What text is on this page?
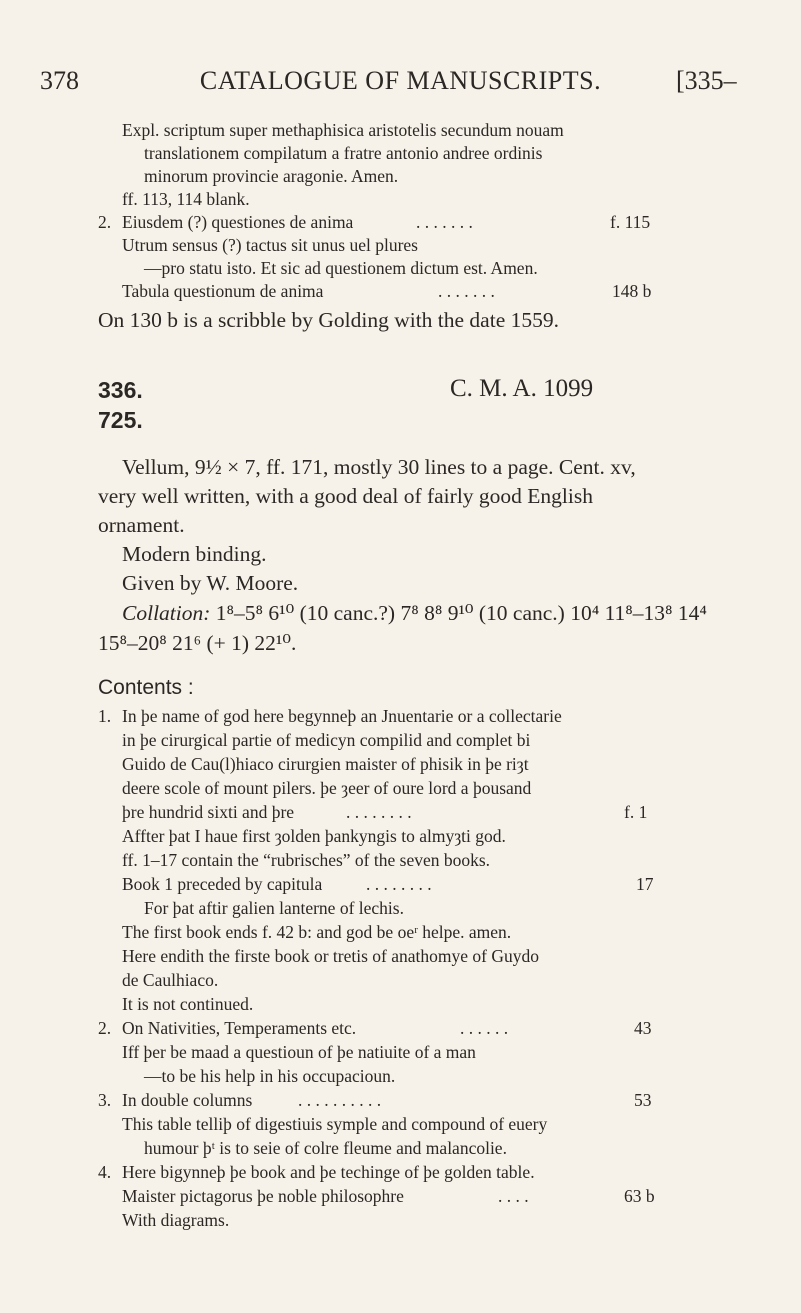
378	CATALOGUE OF MANUSCRIPTS.	[335–
Expl. scriptum super methaphisica aristotelis secundum nouam
translationem compilatum a fratre antonio andree ordinis
minorum provincie aragonie. Amen.
ff. 113, 114 blank.
2. Eiusdem (?) questiones de anima	. . . . . . .	f. 115
Utrum sensus (?) tactus sit unus uel plures
—pro statu isto. Et sic ad questionem dictum est. Amen.
Tabula questionum de anima	. . . . . . .	148 b
On 130 b is a scribble by Golding with the date 1559.
336.	C. M. A. 1099
725.
Vellum, 9½ × 7, ff. 171, mostly 30 lines to a page. Cent. xv,
very well written, with a good deal of fairly good English
ornament.
Modern binding.
Given by W. Moore.
Collation: 1⁸–5⁸ 6¹⁰ (10 canc.?) 7⁸ 8⁸ 9¹⁰ (10 canc.) 10⁴ 11⁸–13⁸ 14⁴
15⁸–20⁸ 21⁶ (+ 1) 22¹⁰.
Contents :
1. In þe name of god here begynneþ an Jnuentarie or a collectarie
in þe cirurgical partie of medicyn compilid and complet bi
Guido de Cau(l)hiaco cirurgien maister of phisik in þe riȝt
deere scole of mount pilers. þe ȝeer of oure lord a þousand
þre hundrid sixti and þre	. . . . . . . .	f. 1
Affter þat I haue first ȝolden þankyngis to almyȝti god.
ff. 1–17 contain the “rubrisches” of the seven books.
Book 1 preceded by capitula	. . . . . . . .	17
For þat aftir galien lanterne of lechis.
The first book ends f. 42 b: and god be oeʳ helpe. amen.
Here endith the firste book or tretis of anathomye of Guydo
de Caulhiaco.
It is not continued.
2. On Nativities, Temperaments etc.	. . . . . .	43
Iff þer be maad a questioun of þe natiuite of a man
—to be his help in his occupacioun.
3. In double columns	. . . . . . . . . .	53
This table telliþ of digestiuis symple and compound of euery
humour þᵗ is to seie of colre fleume and malancolie.
4. Here bigynneþ þe book and þe techinge of þe golden table.
Maister pictagorus þe noble philosophre	. . . .	63 b
With diagrams.
